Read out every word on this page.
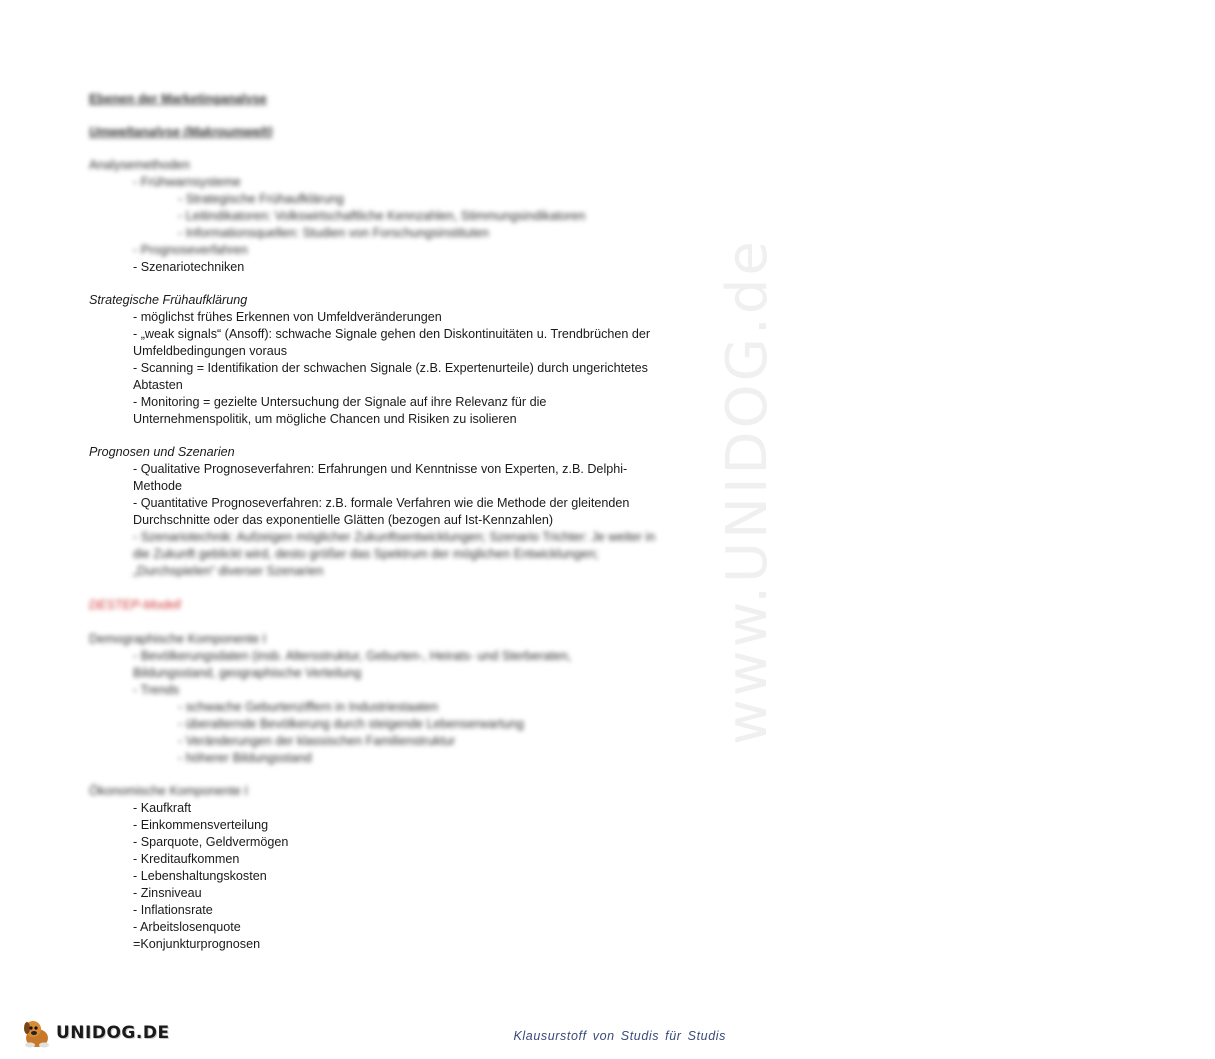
www.UNIDOG.de
Ebenen der Marketinganalyse
Umweltanalyse (Makroumwelt)
Analysemethoden
- Frühwarnsysteme
- Strategische Frühaufklärung
- Leitindikatoren: Volkswirtschaftliche Kennzahlen, Stimmungsindikatoren
- Informationsquellen: Studien von Forschungsinstituten
- Prognoseverfahren
- Szenariotechniken
Strategische Frühaufklärung
- möglichst frühes Erkennen von Umfeldveränderungen
- „weak signals“ (Ansoff): schwache Signale gehen den Diskontinuitäten u. Trendbrüchen der
Umfeldbedingungen voraus
- Scanning = Identifikation der schwachen Signale (z.B. Expertenurteile) durch ungerichtetes
Abtasten
- Monitoring = gezielte Untersuchung der Signale auf ihre Relevanz für die
Unternehmenspolitik, um mögliche Chancen und Risiken zu isolieren
Prognosen und Szenarien
- Qualitative Prognoseverfahren: Erfahrungen und Kenntnisse von Experten, z.B. Delphi-
Methode
- Quantitative Prognoseverfahren: z.B. formale Verfahren wie die Methode der gleitenden
Durchschnitte oder das exponentielle Glätten (bezogen auf Ist-Kennzahlen)
- Szenariotechnik: Aufzeigen möglicher Zukunftsentwicklungen; Szenario Trichter: Je weiter in
die Zukunft geblickt wird, desto größer das Spektrum der möglichen Entwicklungen;
„Durchspielen“ diverser Szenarien
DESTEP-Modell
Demographische Komponente I
- Bevölkerungsdaten (insb. Altersstruktur, Geburten-, Heirats- und Sterberaten,
Bildungsstand, geographische Verteilung
- Trends
- schwache Geburtenziffern in Industriestaaten
- überalternde Bevölkerung durch steigende Lebenserwartung
- Veränderungen der klassischen Familienstruktur
- höherer Bildungsstand
Ökonomische Komponente I
- Kaufkraft
- Einkommensverteilung
- Sparquote, Geldvermögen
- Kreditaufkommen
- Lebenshaltungskosten
- Zinsniveau
- Inflationsrate
- Arbeitslosenquote
=Konjunkturprognosen
UNIDOG.DE	Klausurstoff von Studis für Studis
